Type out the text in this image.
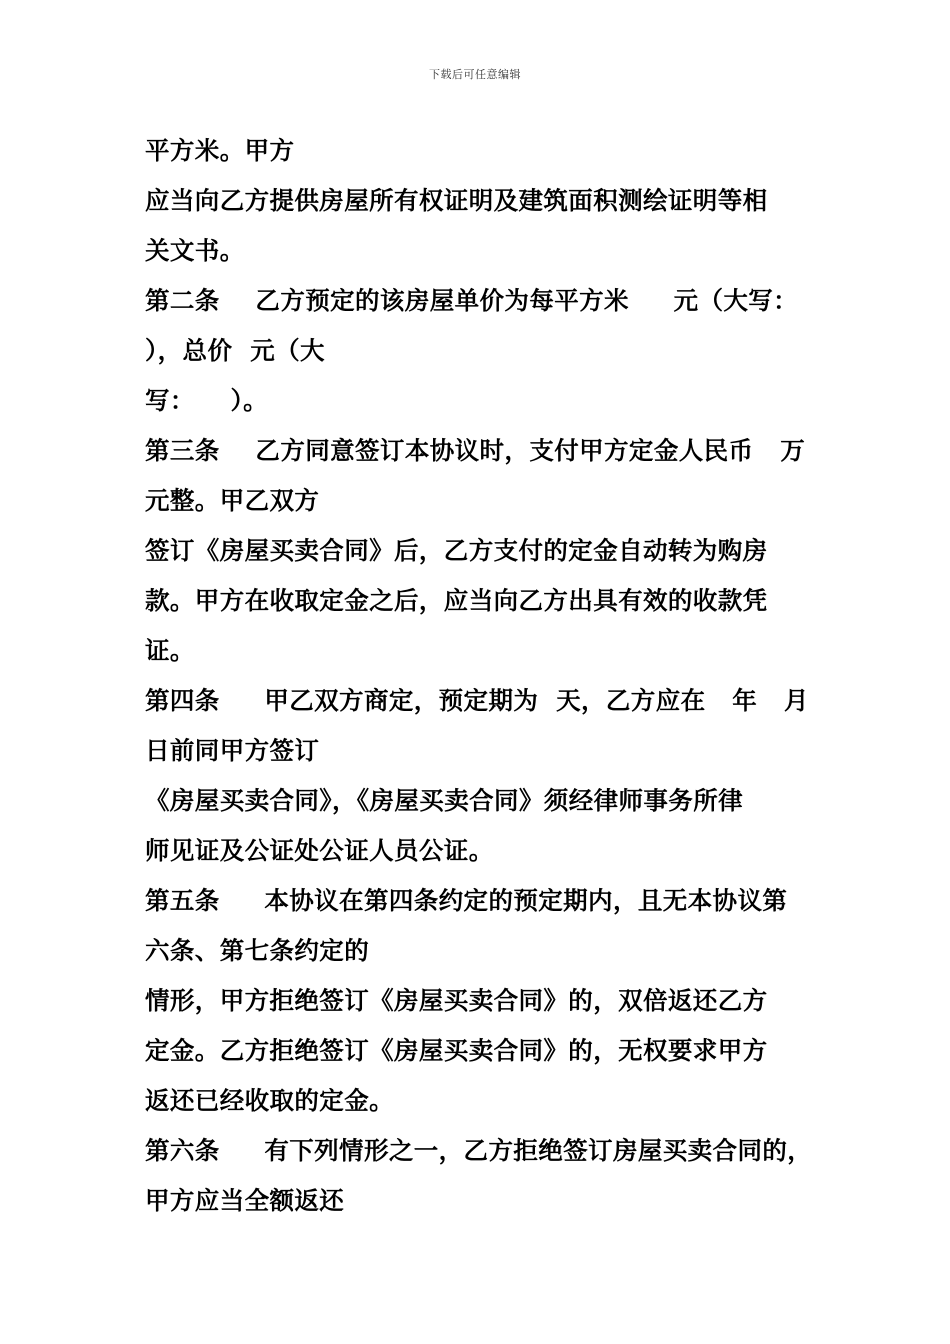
下载后可任意编辑
平方米。甲方
应当向乙方提供房屋所有权证明及建筑面积测绘证明等相
关文书。
第二条    乙方预定的该房屋单价为每平方米     元（大写：
），总价  元（大
写：    ）。
第三条    乙方同意签订本协议时，支付甲方定金人民币   万
元整。甲乙双方
签订《房屋买卖合同》后，乙方支付的定金自动转为购房
款。甲方在收取定金之后，应当向乙方出具有效的收款凭
证。
第四条     甲乙双方商定，预定期为  天，乙方应在   年   月
日前同甲方签订
《房屋买卖合同》，《房屋买卖合同》须经律师事务所律
师见证及公证处公证人员公证。
第五条     本协议在第四条约定的预定期内，且无本协议第
六条、第七条约定的
情形，甲方拒绝签订《房屋买卖合同》的，双倍返还乙方
定金。乙方拒绝签订《房屋买卖合同》的，无权要求甲方
返还已经收取的定金。
第六条     有下列情形之一，乙方拒绝签订房屋买卖合同的，
甲方应当全额返还
